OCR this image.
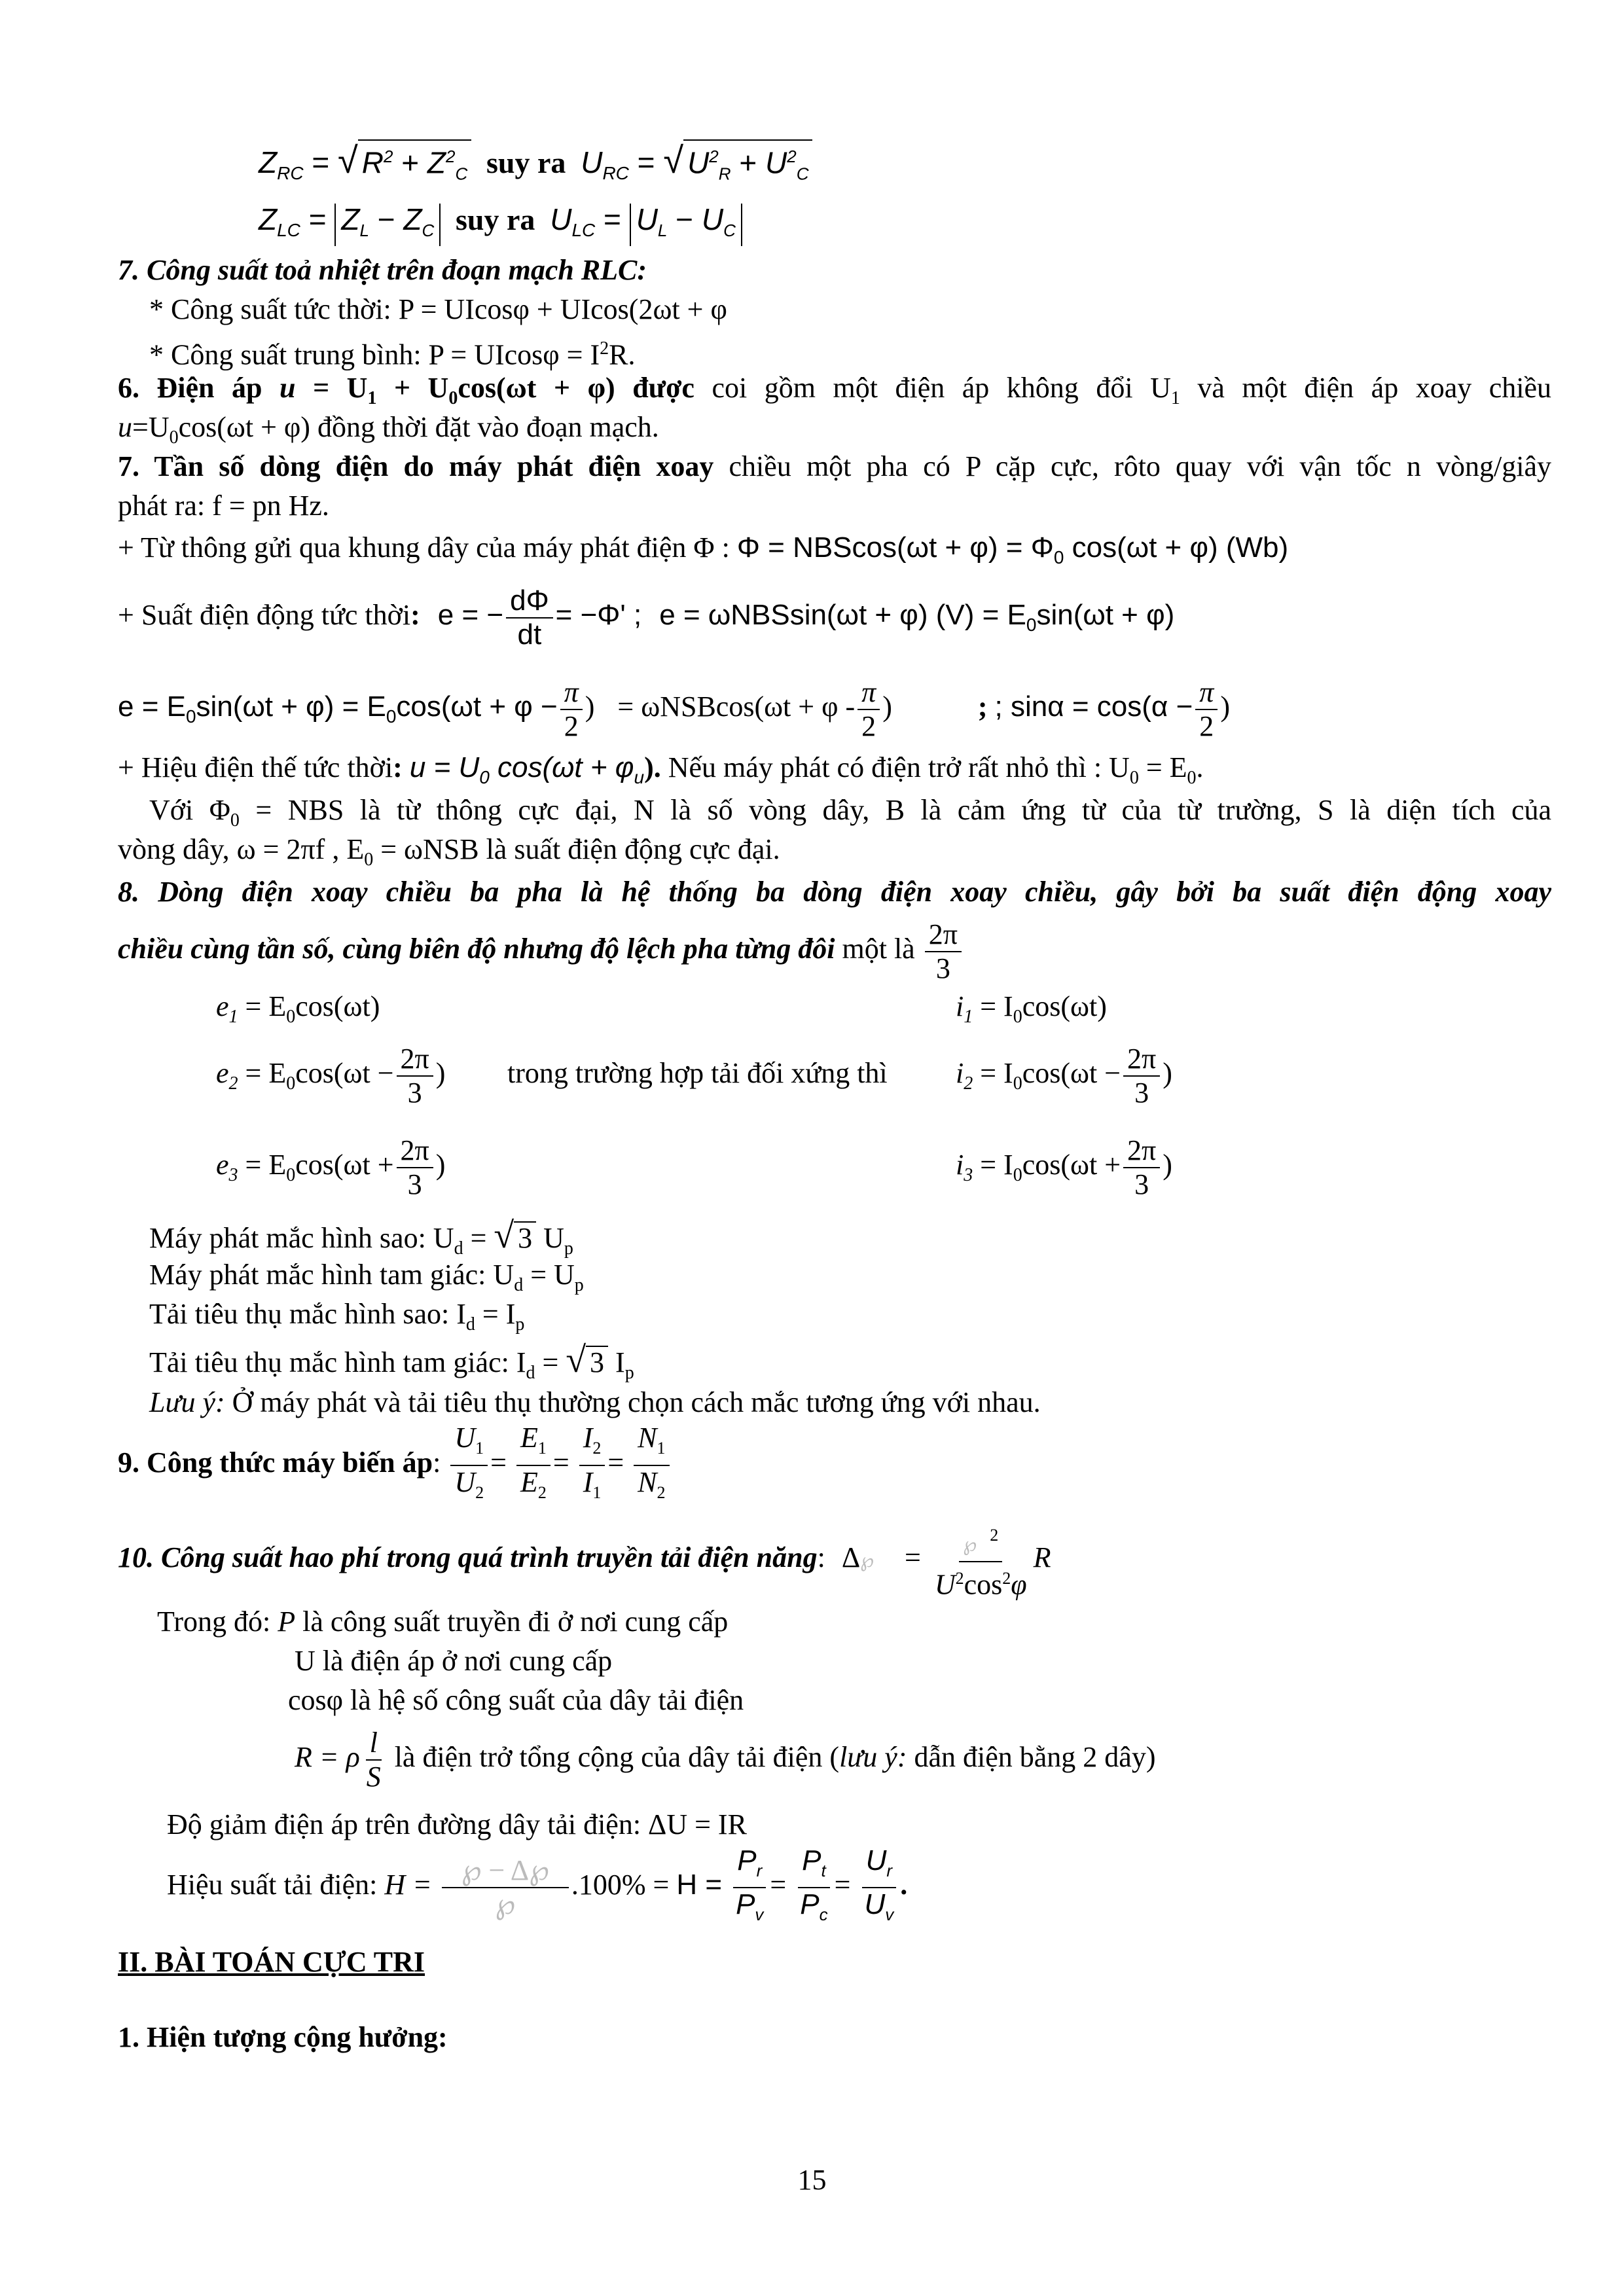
$Z_{RC}$ = √ $R^2 + Z^2_C$ suy ra $U_{RC}$ = √ $U^2_R + U^2_C$
$Z_{LC} = Z_L - Z_C$ suy ra $U_{LC} = U_L - U_C$
7. Công suất toả nhiệt trên đoạn mạch RLC:
* Công suất tức thời: P = UIcosφ + UIcos(2ωt + φ
* Công suất trung bình: $P = UIcos\varphi = I^2R$.
6. Điện áp $u = U_1 + U_0\cos(\omega t + \varphi)$ được coi gồm một điện áp không đổi $U_1$ và một điện áp xoay chiều
$u=U_0\cos(\omega t + \varphi)$ đồng thời đặt vào đoạn mạch.
7. Tần số dòng điện do máy phát điện xoay chiều một pha có P cặp cực, rôto quay với vận tốc n vòng/giây
phát ra: f = pn Hz.
+ Từ thông gửi qua khung dây của máy phát điện Φ : $\Phi = NBScos(\omega t + \varphi) = \Phi_0$ cos(ωt + φ) (Wb)
+ Suất điện động tức thời: e = − $\frac{d\Phi}{dt} = -\Phi'$ ; e = ωNBSsin(ωt + φ) $(V) = E_0\sin(\omega t + \varphi)$
$e = E_0\sin(\omega t + \varphi) = E_0\cos(\omega t + \varphi - \frac{\pi}{2}$ ) = $\omega NSBcos(\omega t + \varphi - \frac{\pi}{2}$ )	; ; $\sin\alpha = \cos(\alpha - \frac{\pi}{2}$ )
+ Hiệu điện thế tức thời: $u = U_0$ $\cos(\omega t + \varphi_u)$. Nếu máy phát có điện trở rất nhỏ thì : $U_0 = E_0$.
Với $\Phi_0$ = NBS là từ thông cực đại, N là số vòng dây, B là cảm ứng từ của từ trường, S là diện tích của
vòng dây, ω = 2πf , $E_0 = \omega NSB$ là suất điện động cực đại.
8. Dòng điện xoay chiều ba pha là hệ thống ba dòng điện xoay chiều, gây bởi ba suất điện động xoay
chiều cùng tần số, cùng biên độ nhưng độ lệch pha từng đôi một là $\frac{2\pi}{3}$
$e_1 = E_0\cos(\omega t)$	$i_1 = I_0\cos(\omega t)$
$e_2 = E_0\cos(\omega t - \frac{2\pi}{3}$ ) trong trường hợp tải đối xứng thì $i_2 = I_0\cos(\omega t - \frac{2\pi}{3}$ )
$e_3 = E_0\cos(\omega t + \frac{2\pi}{3}$ )	$i_3 = I_0\cos(\omega t + \frac{2\pi}{3}$ )
Máy phát mắc hình sao: $U_d$ = √ 3 $U_p$
Máy phát mắc hình tam giác: $U_d = U_p$
Tải tiêu thụ mắc hình sao: $I_d = I_p$
Tải tiêu thụ mắc hình tam giác: $I_d$ = √ 3 $I_p$
Lưu ý: Ở máy phát và tải tiêu thụ thường chọn cách mắc tương ứng với nhau.
9. Công thức máy biến áp: $\frac{U_1}{U_2} = \frac{E_1}{E_2} = \frac{I_2}{I_1} = \frac{N_1}{N_2}$
10. Công suất hao phí trong quá trình truyền tải điện năng: Δ℘ = $\frac{℘ ^2}{U^2\cos^2\varphi}$ R
Trong đó: P là công suất truyền đi ở nơi cung cấp
U là điện áp ở nơi cung cấp
cosφ là hệ số công suất của dây tải điện
R = ρ $\frac{l}{S}$ là điện trở tổng cộng của dây tải điện (lưu ý: dẫn điện bằng 2 dây)
Độ giảm điện áp trên đường dây tải điện: ΔU = IR
Hiệu suất tải điện: $H = \frac{℘ - \Delta℘}{℘} .100\% = H = \frac{P_r}{P_v} = \frac{P_t}{P_c} = \frac{U_r}{U_v}$ .
II. BÀI TOÁN CỰC TRI
1. Hiện tượng cộng hưởng:
15
